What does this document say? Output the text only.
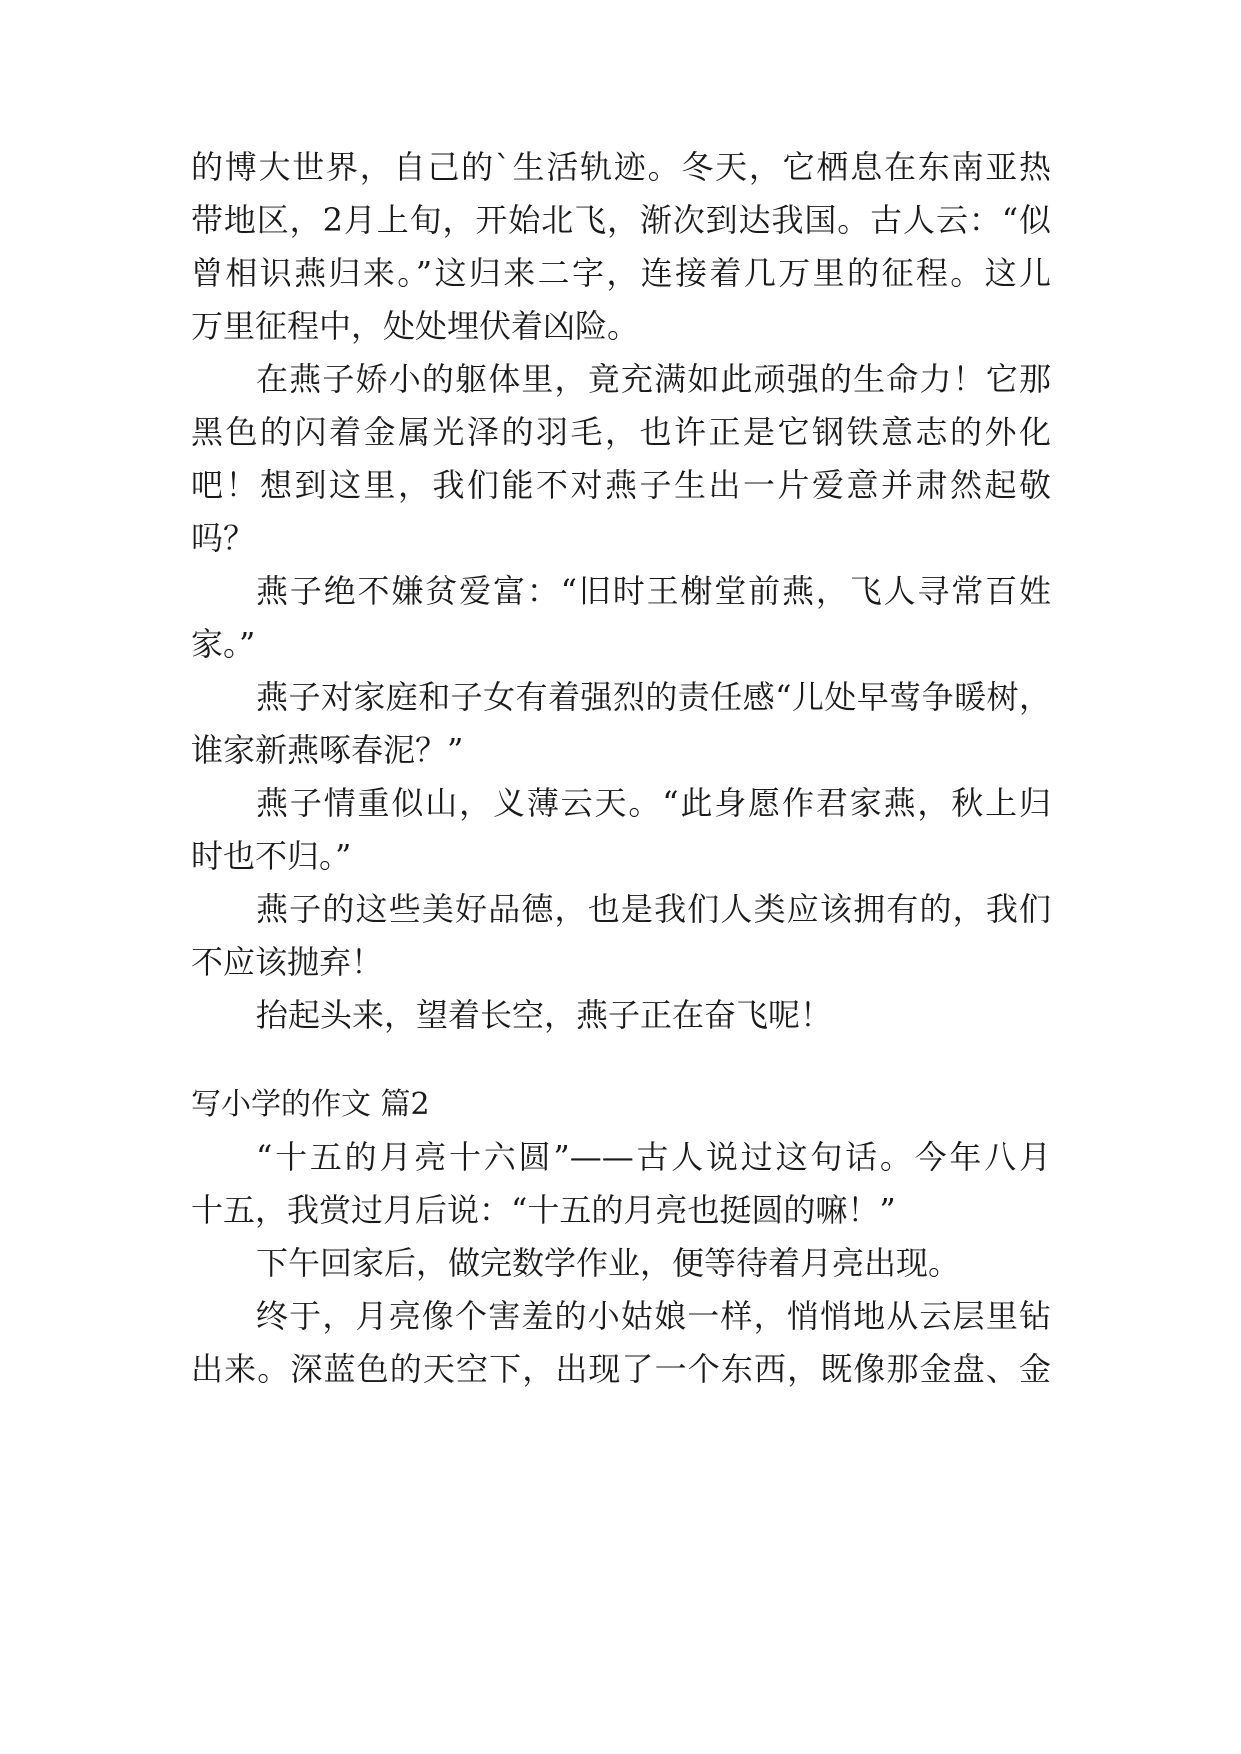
的博大世界，自己的`生活轨迹。冬天，它栖息在东南亚热
带地区，2月上旬，开始北飞，渐次到达我国。古人云：“似
曾相识燕归来。”这归来二字，连接着几万里的征程。这儿
万里征程中，处处埋伏着凶险。
在燕子娇小的躯体里，竟充满如此顽强的生命力！它那
黑色的闪着金属光泽的羽毛，也许正是它钢铁意志的外化
吧！想到这里，我们能不对燕子生出一片爱意并肃然起敬
吗？
燕子绝不嫌贫爱富：“旧时王榭堂前燕，飞人寻常百姓
家。”
燕子对家庭和子女有着强烈的责任感“儿处早莺争暖树，
谁家新燕啄春泥？”
燕子情重似山，义薄云天。“此身愿作君家燕，秋上归
时也不归。”
燕子的这些美好品德，也是我们人类应该拥有的，我们
不应该抛弃！
抬起头来，望着长空，燕子正在奋飞呢！
写小学的作文 篇2
“十五的月亮十六圆”——古人说过这句话。今年八月
十五，我赏过月后说：“十五的月亮也挺圆的嘛！”
下午回家后，做完数学作业，便等待着月亮出现。
终于，月亮像个害羞的小姑娘一样，悄悄地从云层里钻
出来。深蓝色的天空下，出现了一个东西，既像那金盘、金
